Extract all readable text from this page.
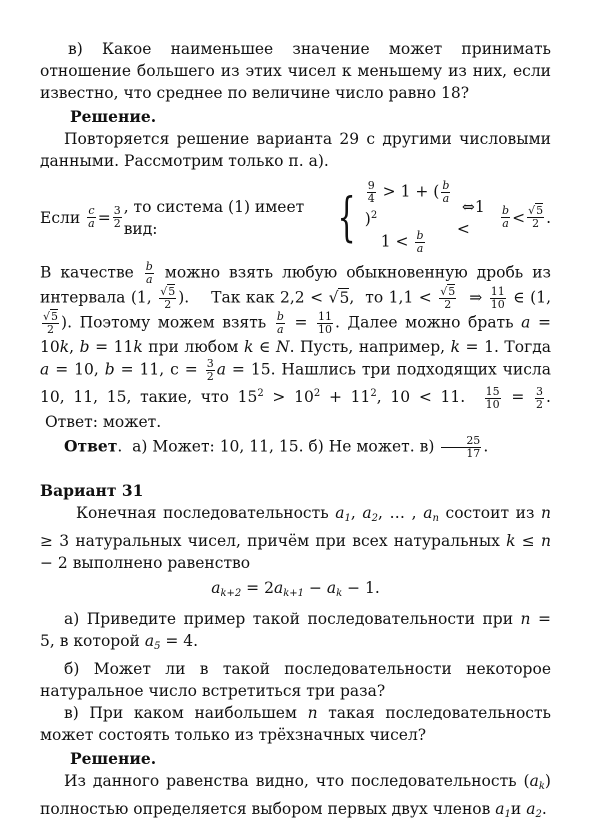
в) Какое наименьшее значение может принимать отношение большего из этих чисел к меньшему из них, если известно, что среднее по величине число равно 18?

Решение.

Повторяется решение варианта 29 с другими числовыми данными. Рассмотрим только п. а).

Если
$\frac{c}{a} = \frac{3}{2}$ , то система (1) имеет вид:	{ $\frac{9}{4} > 1$ + ( $\frac{b}{a}$
)$^2$
$1 < \frac{b}{a}$
⇔1 <	$\frac{b}{a} < \frac{√5}{2}$ .

В качестве $\frac{b}{a}$ можно взять любую обыкновенную дробь из интервала (1, $\frac{√5}{2}$ ).    Так как 2,2 < √5,  то $1,1 < \frac{√5}{2}$ ⇒ $\frac{11}{10}$ ∈ (1,
$\frac{√5}{2}$ ). Поэтому можем взять $\frac{b}{a} = \frac{11}{10}$ . Далее можно брать a = 10k, b = 11k при любом k ∈ N. Пусть, например, k = 1. Тогда a = 10, b = 11, $c = \frac{3}{2}$ a = 15. Нашлись три подходящих числа 10, 11, 15, такие, что $15^2 > 10^2 + 11^2$, 10 < 11. $\frac{15}{10} = \frac{3}{2}$ .  Ответ: может.

Ответ.  а) Может: 10, 11, 15. б) Не может. $в) \frac{25}{17}$ .

Вариант 31

Конечная последовательность $a_1$, $a_2$, … , $a_n$ состоит из n ≥ 3 натуральных чисел, причём при всех натуральных k ≤ n − 2 выполнено равенство

$a_{k+2} = 2a_{k+1} - a_k - 1$.

а) Приведите пример такой последовательности при n = 5, в которой $a_5 = 4$.

б) Может ли в такой последовательности некоторое натуральное число встретиться три раза?

в) При каком наибольшем n такая последовательность может состоять только из трёхзначных чисел?

Решение.

Из данного равенства видно, что последовательность $(a_k)$ полностью определяется выбором первых двух членов $a_1и$ $a_2$.
